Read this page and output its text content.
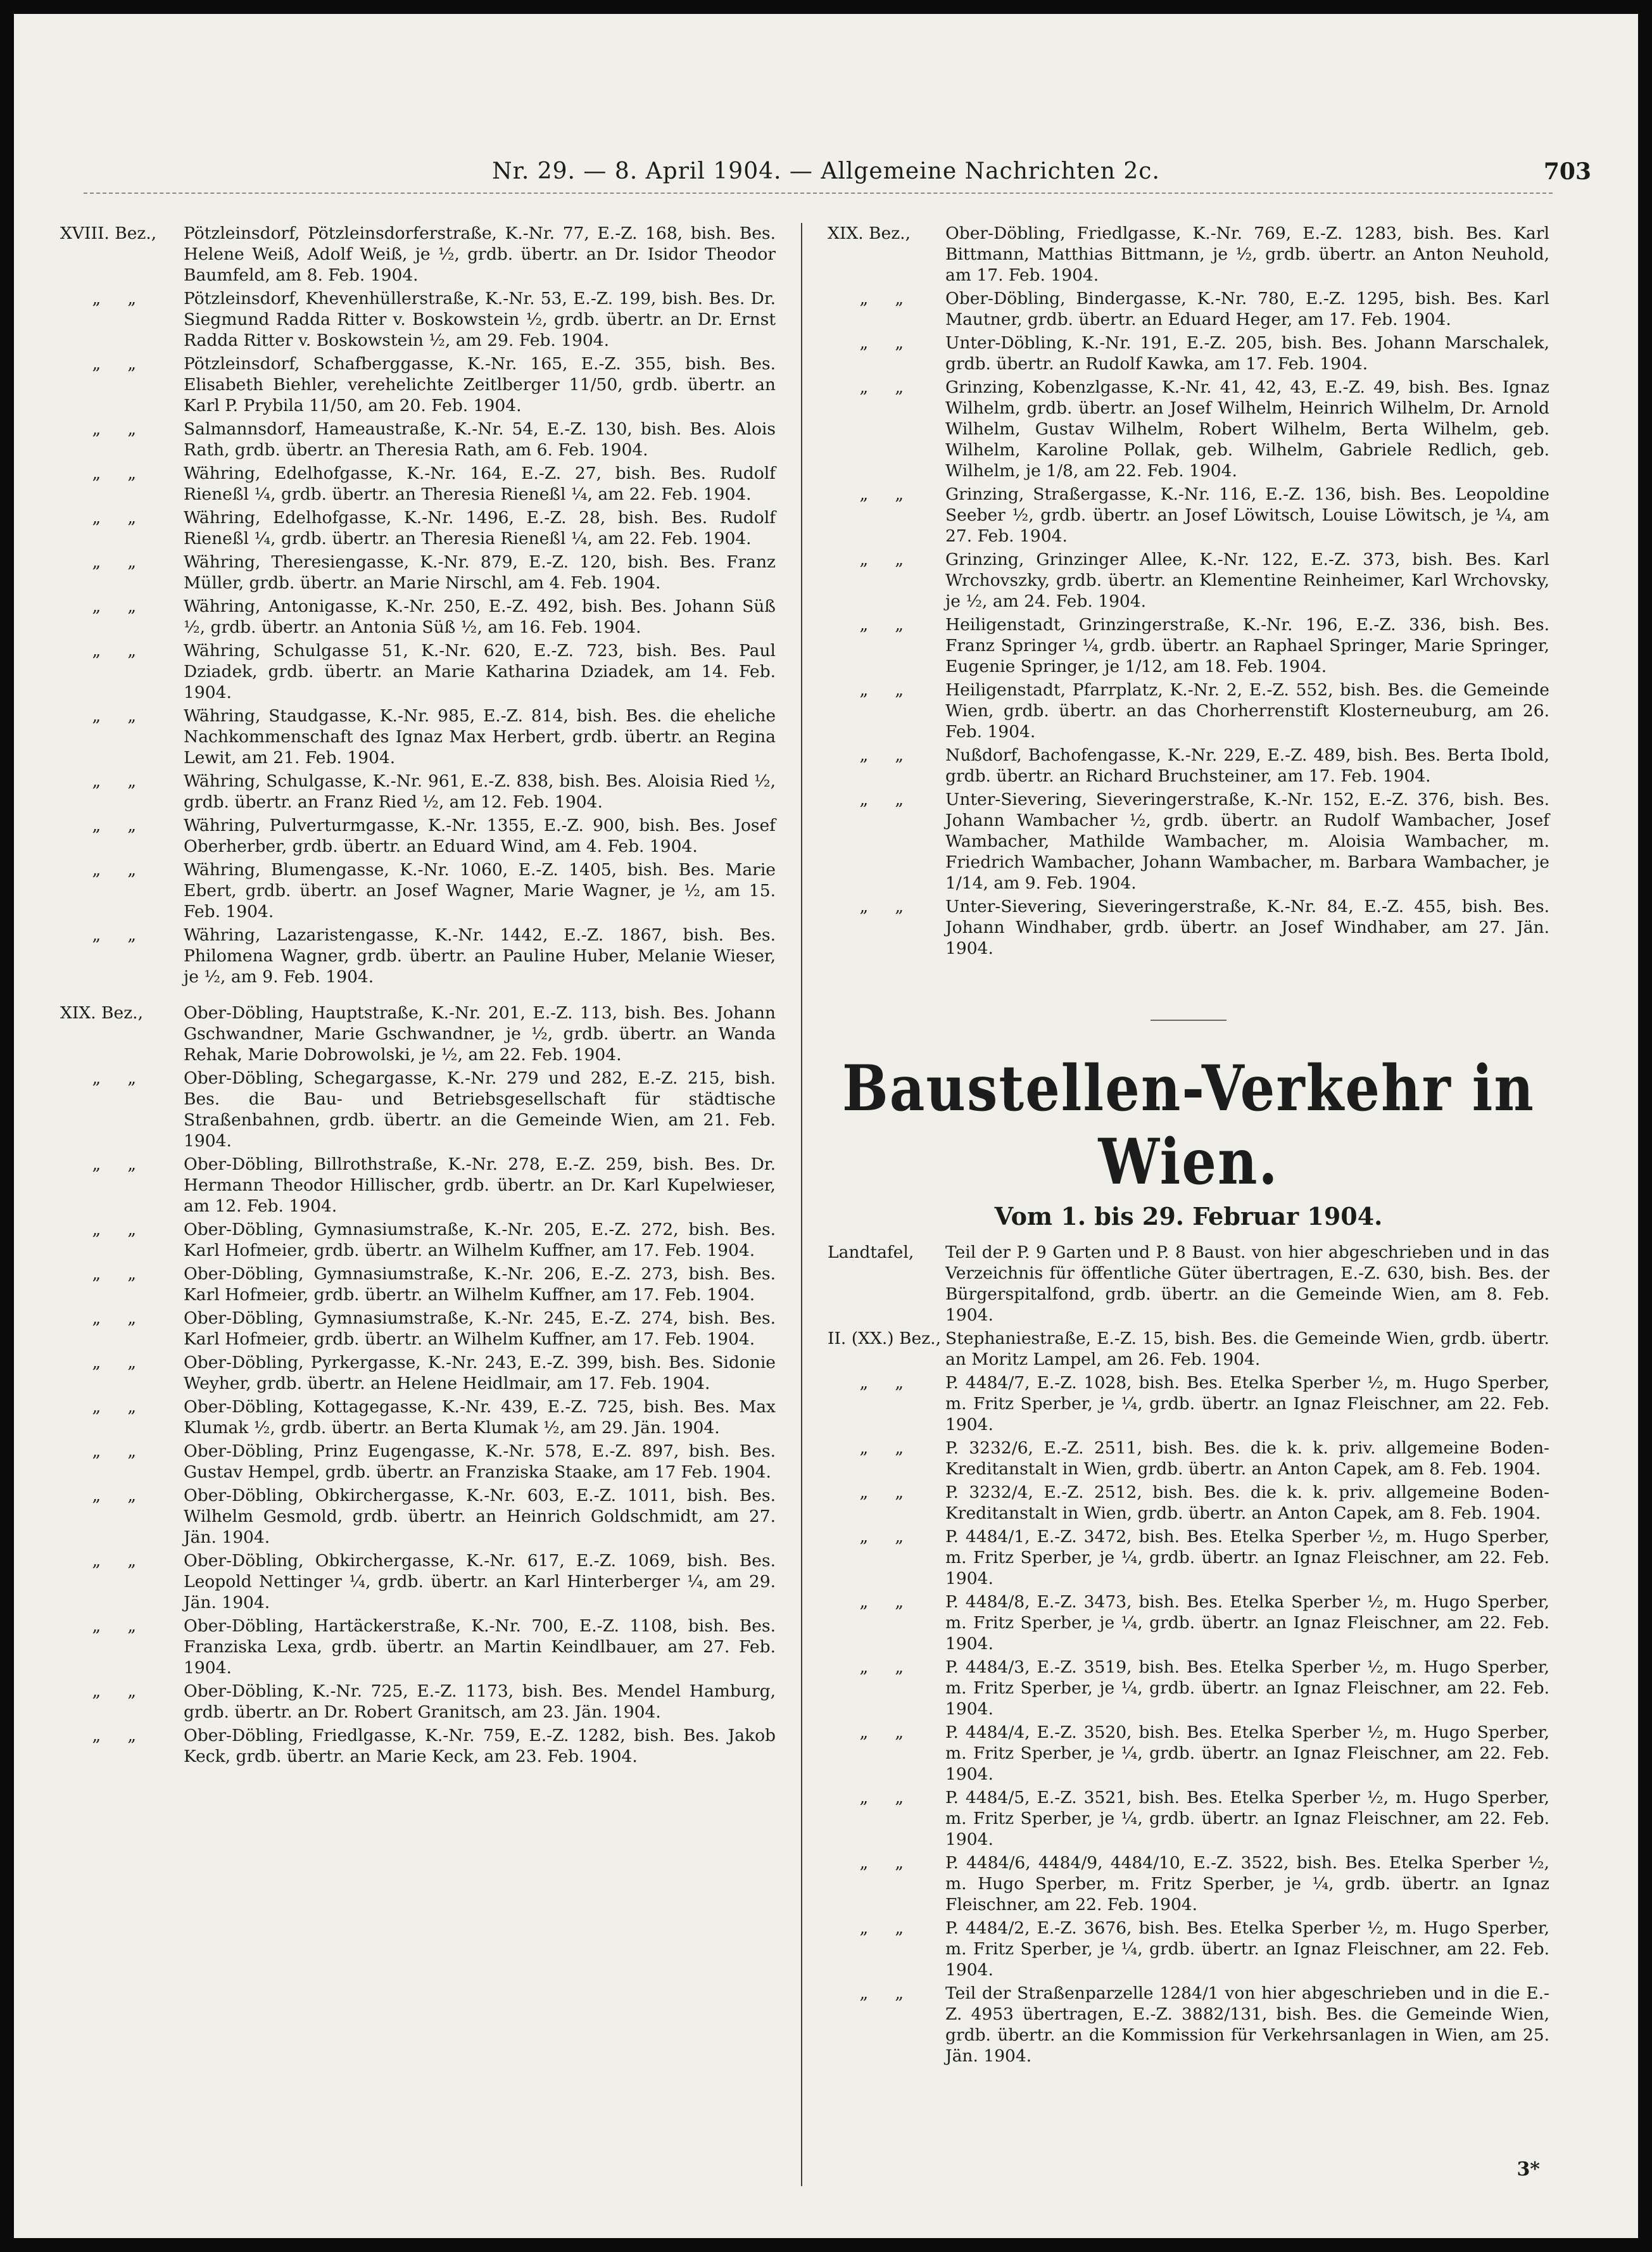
Nr. 29. — 8. April 1904. — Allgemeine Nachrichten 2c.	703
XVIII. Bez.,	Pötzleinsdorf, Pötzleinsdorferstraße, K.-Nr. 77, E.-Z. 168, bish. Bes. Helene Weiß, Adolf Weiß, je ½, grdb. übertr. an Dr. Isidor Theodor Baumfeld, am 8. Feb. 1904.
„     „	Pötzleinsdorf, Khevenhüllerstraße, K.-Nr. 53, E.-Z. 199, bish. Bes. Dr. Siegmund Radda Ritter v. Boskowstein ½, grdb. übertr. an Dr. Ernst Radda Ritter v. Boskowstein ½, am 29. Feb. 1904.
„     „	Pötzleinsdorf, Schafberggasse, K.-Nr. 165, E.-Z. 355, bish. Bes. Elisabeth Biehler, verehelichte Zeitlberger 11/50, grdb. übertr. an Karl P. Prybila 11/50, am 20. Feb. 1904.
„     „	Salmannsdorf, Hameaustraße, K.-Nr. 54, E.-Z. 130, bish. Bes. Alois Rath, grdb. übertr. an Theresia Rath, am 6. Feb. 1904.
„     „	Währing, Edelhofgasse, K.-Nr. 164, E.-Z. 27, bish. Bes. Rudolf Rieneßl ¼, grdb. übertr. an Theresia Rieneßl ¼, am 22. Feb. 1904.
„     „	Währing, Edelhofgasse, K.-Nr. 1496, E.-Z. 28, bish. Bes. Rudolf Rieneßl ¼, grdb. übertr. an Theresia Rieneßl ¼, am 22. Feb. 1904.
„     „	Währing, Theresiengasse, K.-Nr. 879, E.-Z. 120, bish. Bes. Franz Müller, grdb. übertr. an Marie Nirschl, am 4. Feb. 1904.
„     „	Währing, Antonigasse, K.-Nr. 250, E.-Z. 492, bish. Bes. Johann Süß ½, grdb. übertr. an Antonia Süß ½, am 16. Feb. 1904.
„     „	Währing, Schulgasse 51, K.-Nr. 620, E.-Z. 723, bish. Bes. Paul Dziadek, grdb. übertr. an Marie Katharina Dziadek, am 14. Feb. 1904.
„     „	Währing, Staudgasse, K.-Nr. 985, E.-Z. 814, bish. Bes. die eheliche Nachkommenschaft des Ignaz Max Herbert, grdb. übertr. an Regina Lewit, am 21. Feb. 1904.
„     „	Währing, Schulgasse, K.-Nr. 961, E.-Z. 838, bish. Bes. Aloisia Ried ½, grdb. übertr. an Franz Ried ½, am 12. Feb. 1904.
„     „	Währing, Pulverturmgasse, K.-Nr. 1355, E.-Z. 900, bish. Bes. Josef Oberherber, grdb. übertr. an Eduard Wind, am 4. Feb. 1904.
„     „	Währing, Blumengasse, K.-Nr. 1060, E.-Z. 1405, bish. Bes. Marie Ebert, grdb. übertr. an Josef Wagner, Marie Wagner, je ½, am 15. Feb. 1904.
„     „	Währing, Lazaristengasse, K.-Nr. 1442, E.-Z. 1867, bish. Bes. Philomena Wagner, grdb. übertr. an Pauline Huber, Melanie Wieser, je ½, am 9. Feb. 1904.
XIX. Bez.,	Ober-Döbling, Hauptstraße, K.-Nr. 201, E.-Z. 113, bish. Bes. Johann Gschwandner, Marie Gschwandner, je ½, grdb. übertr. an Wanda Rehak, Marie Dobrowolski, je ½, am 22. Feb. 1904.
„     „	Ober-Döbling, Schegargasse, K.-Nr. 279 und 282, E.-Z. 215, bish. Bes. die Bau- und Betriebsgesellschaft für städtische Straßenbahnen, grdb. übertr. an die Gemeinde Wien, am 21. Feb. 1904.
„     „	Ober-Döbling, Billrothstraße, K.-Nr. 278, E.-Z. 259, bish. Bes. Dr. Hermann Theodor Hillischer, grdb. übertr. an Dr. Karl Kupelwieser, am 12. Feb. 1904.
„     „	Ober-Döbling, Gymnasiumstraße, K.-Nr. 205, E.-Z. 272, bish. Bes. Karl Hofmeier, grdb. übertr. an Wilhelm Kuffner, am 17. Feb. 1904.
„     „	Ober-Döbling, Gymnasiumstraße, K.-Nr. 206, E.-Z. 273, bish. Bes. Karl Hofmeier, grdb. übertr. an Wilhelm Kuffner, am 17. Feb. 1904.
„     „	Ober-Döbling, Gymnasiumstraße, K.-Nr. 245, E.-Z. 274, bish. Bes. Karl Hofmeier, grdb. übertr. an Wilhelm Kuffner, am 17. Feb. 1904.
„     „	Ober-Döbling, Pyrkergasse, K.-Nr. 243, E.-Z. 399, bish. Bes. Sidonie Weyher, grdb. übertr. an Helene Heidlmair, am 17. Feb. 1904.
„     „	Ober-Döbling, Kottagegasse, K.-Nr. 439, E.-Z. 725, bish. Bes. Max Klumak ½, grdb. übertr. an Berta Klumak ½, am 29. Jän. 1904.
„     „	Ober-Döbling, Prinz Eugengasse, K.-Nr. 578, E.-Z. 897, bish. Bes. Gustav Hempel, grdb. übertr. an Franziska Staake, am 17 Feb. 1904.
„     „	Ober-Döbling, Obkirchergasse, K.-Nr. 603, E.-Z. 1011, bish. Bes. Wilhelm Gesmold, grdb. übertr. an Heinrich Goldschmidt, am 27. Jän. 1904.
„     „	Ober-Döbling, Obkirchergasse, K.-Nr. 617, E.-Z. 1069, bish. Bes. Leopold Nettinger ¼, grdb. übertr. an Karl Hinterberger ¼, am 29. Jän. 1904.
„     „	Ober-Döbling, Hartäckerstraße, K.-Nr. 700, E.-Z. 1108, bish. Bes. Franziska Lexa, grdb. übertr. an Martin Keindlbauer, am 27. Feb. 1904.
„     „	Ober-Döbling, K.-Nr. 725, E.-Z. 1173, bish. Bes. Mendel Hamburg, grdb. übertr. an Dr. Robert Granitsch, am 23. Jän. 1904.
„     „	Ober-Döbling, Friedlgasse, K.-Nr. 759, E.-Z. 1282, bish. Bes. Jakob Keck, grdb. übertr. an Marie Keck, am 23. Feb. 1904.
XIX. Bez.,	Ober-Döbling, Friedlgasse, K.-Nr. 769, E.-Z. 1283, bish. Bes. Karl Bittmann, Matthias Bittmann, je ½, grdb. übertr. an Anton Neuhold, am 17. Feb. 1904.
„     „	Ober-Döbling, Bindergasse, K.-Nr. 780, E.-Z. 1295, bish. Bes. Karl Mautner, grdb. übertr. an Eduard Heger, am 17. Feb. 1904.
„     „	Unter-Döbling, K.-Nr. 191, E.-Z. 205, bish. Bes. Johann Marschalek, grdb. übertr. an Rudolf Kawka, am 17. Feb. 1904.
„     „	Grinzing, Kobenzlgasse, K.-Nr. 41, 42, 43, E.-Z. 49, bish. Bes. Ignaz Wilhelm, grdb. übertr. an Josef Wilhelm, Heinrich Wilhelm, Dr. Arnold Wilhelm, Gustav Wilhelm, Robert Wilhelm, Berta Wilhelm, geb. Wilhelm, Karoline Pollak, geb. Wilhelm, Gabriele Redlich, geb. Wilhelm, je 1/8, am 22. Feb. 1904.
„     „	Grinzing, Straßergasse, K.-Nr. 116, E.-Z. 136, bish. Bes. Leopoldine Seeber ½, grdb. übertr. an Josef Löwitsch, Louise Löwitsch, je ¼, am 27. Feb. 1904.
„     „	Grinzing, Grinzinger Allee, K.-Nr. 122, E.-Z. 373, bish. Bes. Karl Wrchovszky, grdb. übertr. an Klementine Reinheimer, Karl Wrchovsky, je ½, am 24. Feb. 1904.
„     „	Heiligenstadt, Grinzingerstraße, K.-Nr. 196, E.-Z. 336, bish. Bes. Franz Springer ¼, grdb. übertr. an Raphael Springer, Marie Springer, Eugenie Springer, je 1/12, am 18. Feb. 1904.
„     „	Heiligenstadt, Pfarrplatz, K.-Nr. 2, E.-Z. 552, bish. Bes. die Gemeinde Wien, grdb. übertr. an das Chorherrenstift Klosterneuburg, am 26. Feb. 1904.
„     „	Nußdorf, Bachofengasse, K.-Nr. 229, E.-Z. 489, bish. Bes. Berta Ibold, grdb. übertr. an Richard Bruchsteiner, am 17. Feb. 1904.
„     „	Unter-Sievering, Sieveringerstraße, K.-Nr. 152, E.-Z. 376, bish. Bes. Johann Wambacher ½, grdb. übertr. an Rudolf Wambacher, Josef Wambacher, Mathilde Wambacher, m. Aloisia Wambacher, m. Friedrich Wambacher, Johann Wambacher, m. Barbara Wambacher, je 1/14, am 9. Feb. 1904.
„     „	Unter-Sievering, Sieveringerstraße, K.-Nr. 84, E.-Z. 455, bish. Bes. Johann Windhaber, grdb. übertr. an Josef Windhaber, am 27. Jän. 1904.
Baustellen-Verkehr in Wien.
Vom 1. bis 29. Februar 1904.
Landtafel,	Teil der P. 9 Garten und P. 8 Baust. von hier abgeschrieben und in das Verzeichnis für öffentliche Güter übertragen, E.-Z. 630, bish. Bes. der Bürgerspitalfond, grdb. übertr. an die Gemeinde Wien, am 8. Feb. 1904.
II. (XX.) Bez., Stephaniestraße, E.-Z. 15, bish. Bes. die Gemeinde Wien, grdb. übertr. an Moritz Lampel, am 26. Feb. 1904.
„     „	P. 4484/7, E.-Z. 1028, bish. Bes. Etelka Sperber ½, m. Hugo Sperber, m. Fritz Sperber, je ¼, grdb. übertr. an Ignaz Fleischner, am 22. Feb. 1904.
„     „	P. 3232/6, E.-Z. 2511, bish. Bes. die k. k. priv. allgemeine Boden-Kreditanstalt in Wien, grdb. übertr. an Anton Capek, am 8. Feb. 1904.
„     „	P. 3232/4, E.-Z. 2512, bish. Bes. die k. k. priv. allgemeine Boden-Kreditanstalt in Wien, grdb. übertr. an Anton Capek, am 8. Feb. 1904.
„     „	P. 4484/1, E.-Z. 3472, bish. Bes. Etelka Sperber ½, m. Hugo Sperber, m. Fritz Sperber, je ¼, grdb. übertr. an Ignaz Fleischner, am 22. Feb. 1904.
„     „	P. 4484/8, E.-Z. 3473, bish. Bes. Etelka Sperber ½, m. Hugo Sperber, m. Fritz Sperber, je ¼, grdb. übertr. an Ignaz Fleischner, am 22. Feb. 1904.
„     „	P. 4484/3, E.-Z. 3519, bish. Bes. Etelka Sperber ½, m. Hugo Sperber, m. Fritz Sperber, je ¼, grdb. übertr. an Ignaz Fleischner, am 22. Feb. 1904.
„     „	P. 4484/4, E.-Z. 3520, bish. Bes. Etelka Sperber ½, m. Hugo Sperber, m. Fritz Sperber, je ¼, grdb. übertr. an Ignaz Fleischner, am 22. Feb. 1904.
„     „	P. 4484/5, E.-Z. 3521, bish. Bes. Etelka Sperber ½, m. Hugo Sperber, m. Fritz Sperber, je ¼, grdb. übertr. an Ignaz Fleischner, am 22. Feb. 1904.
„     „	P. 4484/6, 4484/9, 4484/10, E.-Z. 3522, bish. Bes. Etelka Sperber ½, m. Hugo Sperber, m. Fritz Sperber, je ¼, grdb. übertr. an Ignaz Fleischner, am 22. Feb. 1904.
„     „	P. 4484/2, E.-Z. 3676, bish. Bes. Etelka Sperber ½, m. Hugo Sperber, m. Fritz Sperber, je ¼, grdb. übertr. an Ignaz Fleischner, am 22. Feb. 1904.
„     „	Teil der Straßenparzelle 1284/1 von hier abgeschrieben und in die E.-Z. 4953 übertragen, E.-Z. 3882/131, bish. Bes. die Gemeinde Wien, grdb. übertr. an die Kommission für Verkehrsanlagen in Wien, am 25. Jän. 1904.
3*
